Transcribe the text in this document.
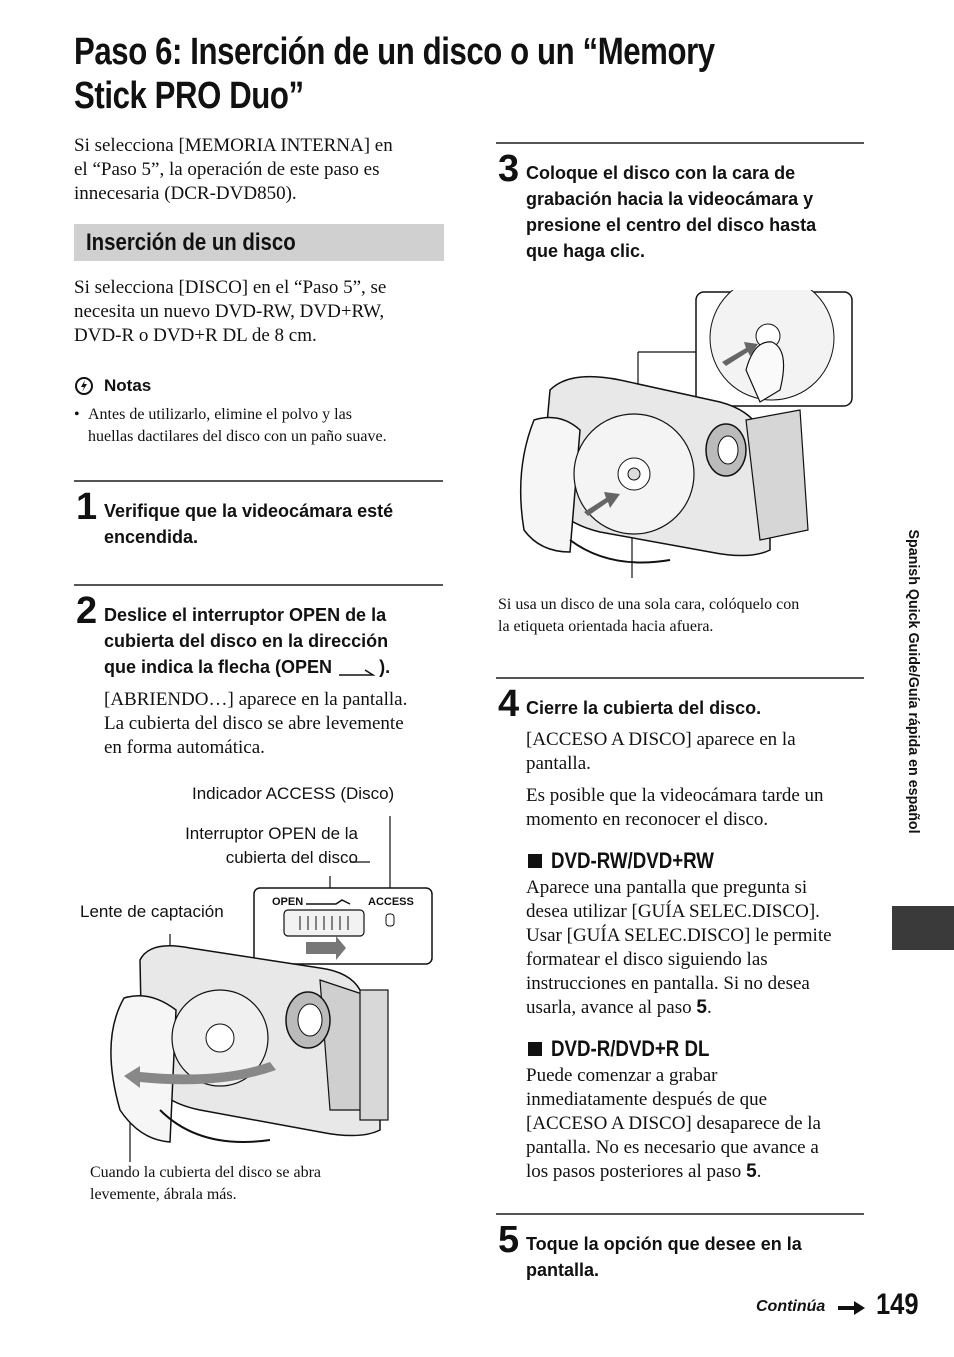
Paso 6: Inserción de un disco o un “Memory
Stick PRO Duo”

Si selecciona [MEMORIA INTERNA] en

el “Paso 5”, la operación de este paso es

innecesaria (DCR-DVD850).

Inserción de un disco

Si selecciona [DISCO] en el “Paso 5”, se

necesita un nuevo DVD-RW, DVD+RW,

DVD-R o DVD+R DL de 8 cm.

Notas
• Antes de utilizarlo, elimine el polvo y las

huellas dactilares del disco con un paño suave.

1 Verifique que la videocámara esté

encendida.

2 Deslice el interruptor OPEN de la

cubierta del disco en la dirección

que indica la flecha (OPEN	).

[ABRIENDO…] aparece en la pantalla.

La cubierta del disco se abre levemente

en forma automática.

Indicador ACCESS (Disco)

Interruptor OPEN de la

cubierta del disco

Lente de captación

Cuando la cubierta del disco se abra

levemente, ábrala más.

OPEN	ACCESS
3 Coloque el disco con la cara de

grabación hacia la videocámara y

presione el centro del disco hasta

que haga clic.

Si usa un disco de una sola cara, colóquelo con

la etiqueta orientada hacia afuera.

4 Cierre la cubierta del disco.

[ACCESO A DISCO] aparece en la

pantalla.

Es posible que la videocámara tarde un

momento en reconocer el disco.

DVD-RW/DVD+RW

Aparece una pantalla que pregunta si

desea utilizar [GUÍA SELEC.DISCO].

Usar [GUÍA SELEC.DISCO] le permite

formatear el disco siguiendo las

instrucciones en pantalla. Si no desea

usarla, avance al paso 5.

DVD-R/DVD+R DL

Puede comenzar a grabar

inmediatamente después de que

[ACCESO A DISCO] desaparece de la

pantalla. No es necesario que avance a

los pasos posteriores al paso 5.

5 Toque la opción que desee en la

pantalla.

Continúa 149
Spanish Quick Guide/Guía rápida en español
